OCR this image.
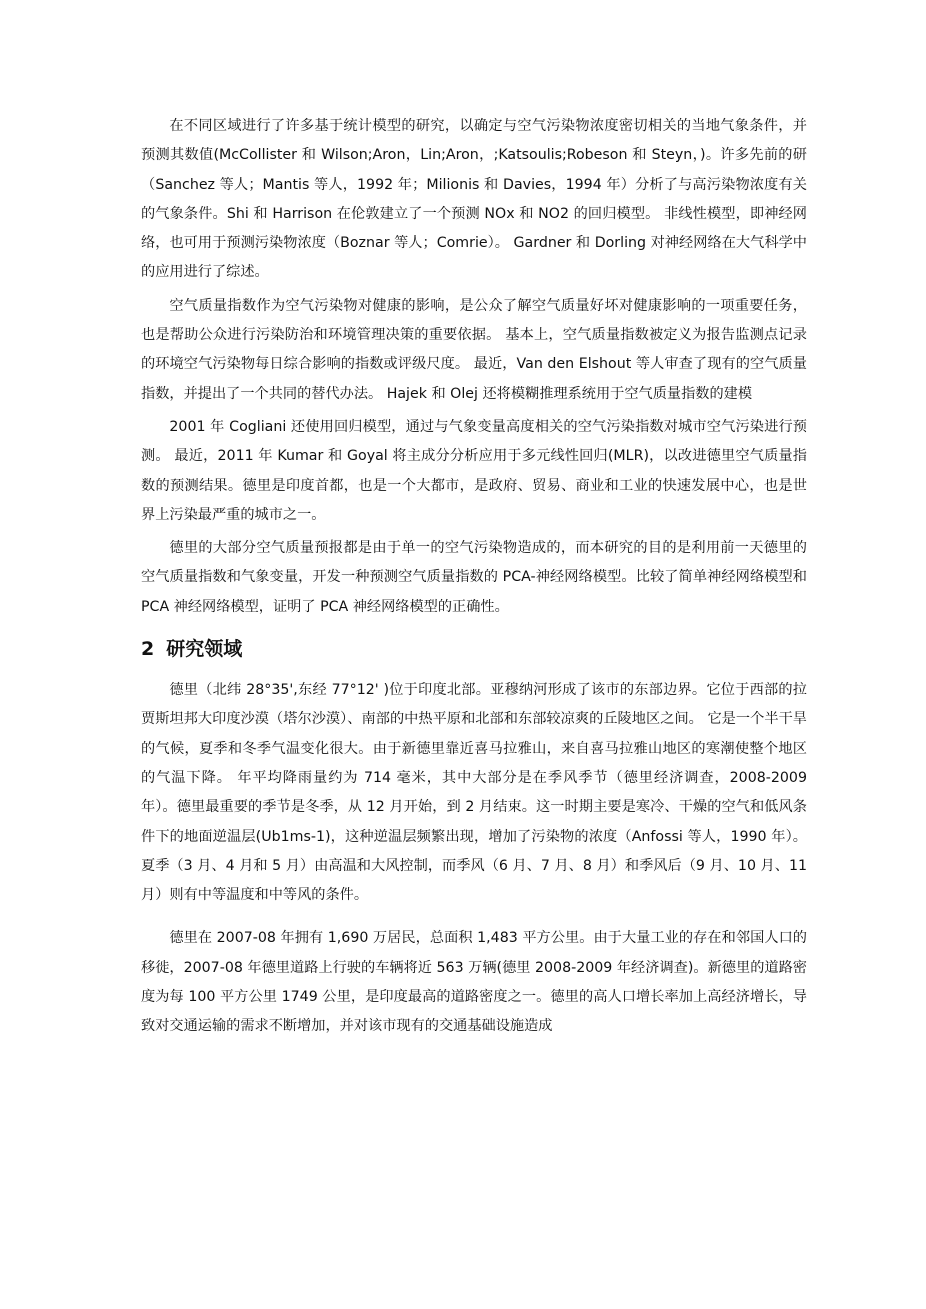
在不同区域进行了许多基于统计模型的研究，以确定与空气污染物浓度密切相关的当地气象条件，并预测其数值(McCollister 和 Wilson;Aron，Lin;Aron，;Katsoulis;Robeson 和 Steyn，)。许多先前的研（Sanchez 等人；Mantis 等人，1992 年；Milionis 和 Davies，1994 年）分析了与高污染物浓度有关的气象条件。Shi 和 Harrison 在伦敦建立了一个预测 NOx 和 NO2 的回归模型。 非线性模型，即神经网络，也可用于预测污染物浓度（Boznar 等人；Comrie）。 Gardner 和 Dorling 对神经网络在大气科学中的应用进行了综述。

空气质量指数作为空气污染物对健康的影响，是公众了解空气质量好坏对健康影响的一项重要任务，也是帮助公众进行污染防治和环境管理决策的重要依据。 基本上，空气质量指数被定义为报告监测点记录的环境空气污染物每日综合影响的指数或评级尺度。 最近，Van den Elshout 等人审查了现有的空气质量指数，并提出了一个共同的替代办法。 Hajek 和 Olej 还将模糊推理系统用于空气质量指数的建模

2001 年 Cogliani 还使用回归模型，通过与气象变量高度相关的空气污染指数对城市空气污染进行预测。 最近，2011 年 Kumar 和 Goyal 将主成分分析应用于多元线性回归(MLR)，以改进德里空气质量指数的预测结果。德里是印度首都，也是一个大都市，是政府、贸易、商业和工业的快速发展中心，也是世界上污染最严重的城市之一。

德里的大部分空气质量预报都是由于单一的空气污染物造成的，而本研究的目的是利用前一天德里的空气质量指数和气象变量，开发一种预测空气质量指数的 PCA-神经网络模型。比较了简单神经网络模型和 PCA 神经网络模型，证明了 PCA 神经网络模型的正确性。

2 研究领域

德里（北纬 28°35',东经 77°12' )位于印度北部。亚穆纳河形成了该市的东部边界。它位于西部的拉贾斯坦邦大印度沙漠（塔尔沙漠）、南部的中热平原和北部和东部较凉爽的丘陵地区之间。 它是一个半干旱的气候，夏季和冬季气温变化很大。由于新德里靠近喜马拉雅山，来自喜马拉雅山地区的寒潮使整个地区的气温下降。 年平均降雨量约为 714 毫米，其中大部分是在季风季节（德里经济调查，2008-2009 年）。德里最重要的季节是冬季，从 12 月开始，到 2 月结束。这一时期主要是寒冷、干燥的空气和低风条件下的地面逆温层(Ub1ms-1)，这种逆温层频繁出现，增加了污染物的浓度（Anfossi 等人，1990 年）。夏季（3 月、4 月和 5 月）由高温和大风控制，而季风（6 月、7 月、8 月）和季风后（9 月、10 月、11 月）则有中等温度和中等风的条件。

德里在 2007-08 年拥有 1,690 万居民，总面积 1,483 平方公里。由于大量工业的存在和邻国人口的移徙，2007-08 年德里道路上行驶的车辆将近 563 万辆(德里 2008-2009 年经济调查)。新德里的道路密度为每 100 平方公里 1749 公里，是印度最高的道路密度之一。德里的高人口增长率加上高经济增长，导致对交通运输的需求不断增加，并对该市现有的交通基础设施造成
